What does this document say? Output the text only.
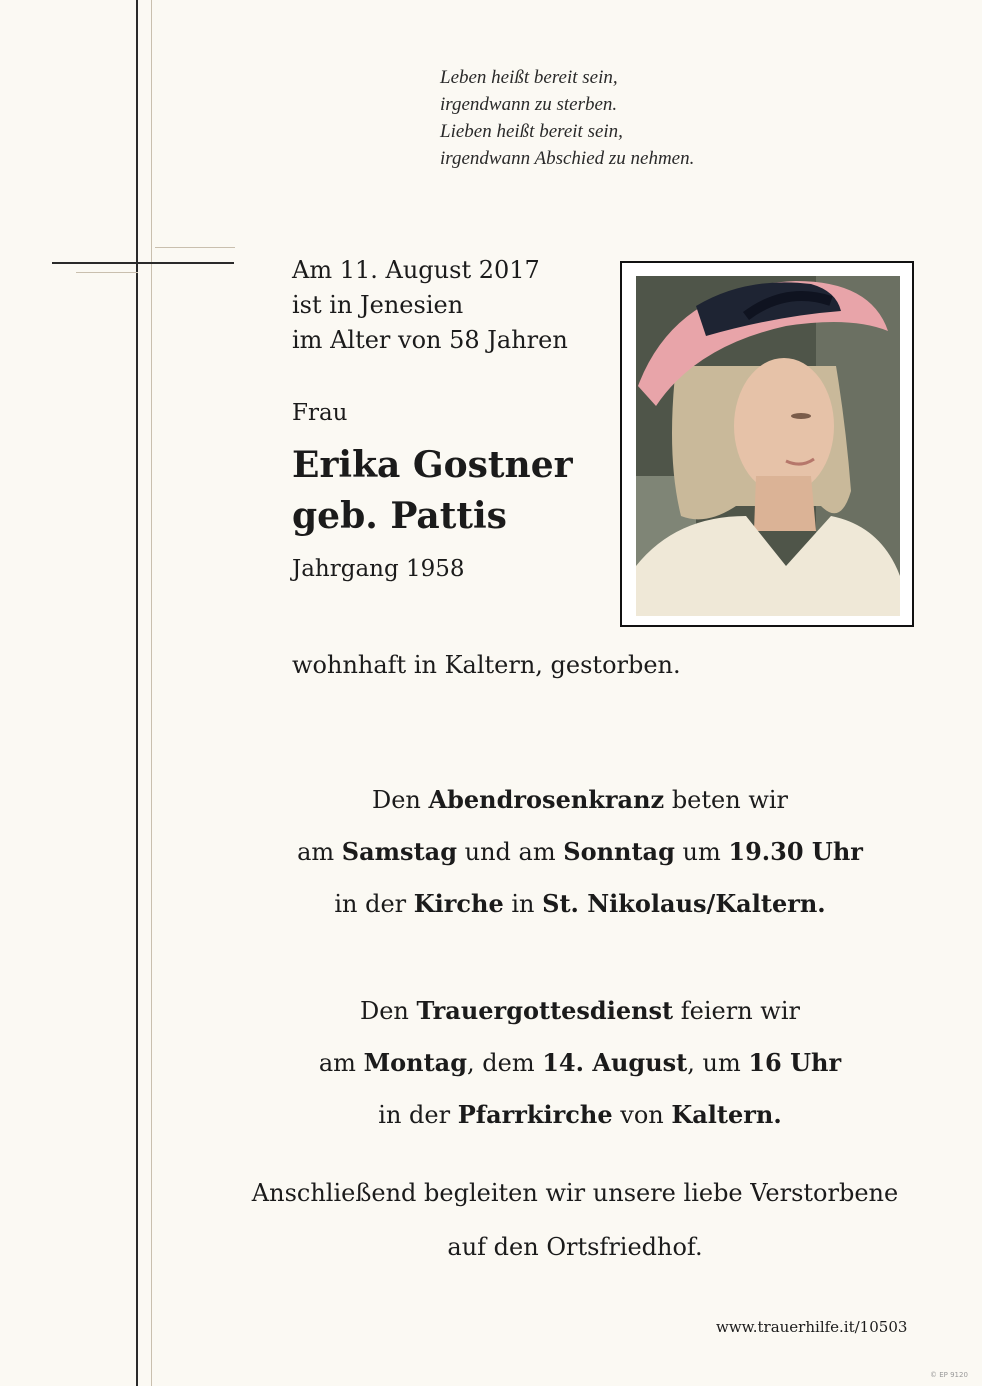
Leben heißt bereit sein,
irgendwann zu sterben.
Lieben heißt bereit sein,
irgendwann Abschied zu nehmen.
Am 11. August 2017
ist in Jenesien
im Alter von 58 Jahren
Frau
Erika Gostner
geb. Pattis
Jahrgang 1958
wohnhaft in Kaltern, gestorben.
Den Abendrosenkranz beten wir
am Samstag und am Sonntag um 19.30 Uhr
in der Kirche in St. Nikolaus/Kaltern.
Den Trauergottesdienst feiern wir
am Montag, dem 14. August, um 16 Uhr
in der Pfarrkirche von Kaltern.
Anschließend begleiten wir unsere liebe Verstorbene
auf den Ortsfriedhof.
www.trauerhilfe.it/10503
© EP 9120
